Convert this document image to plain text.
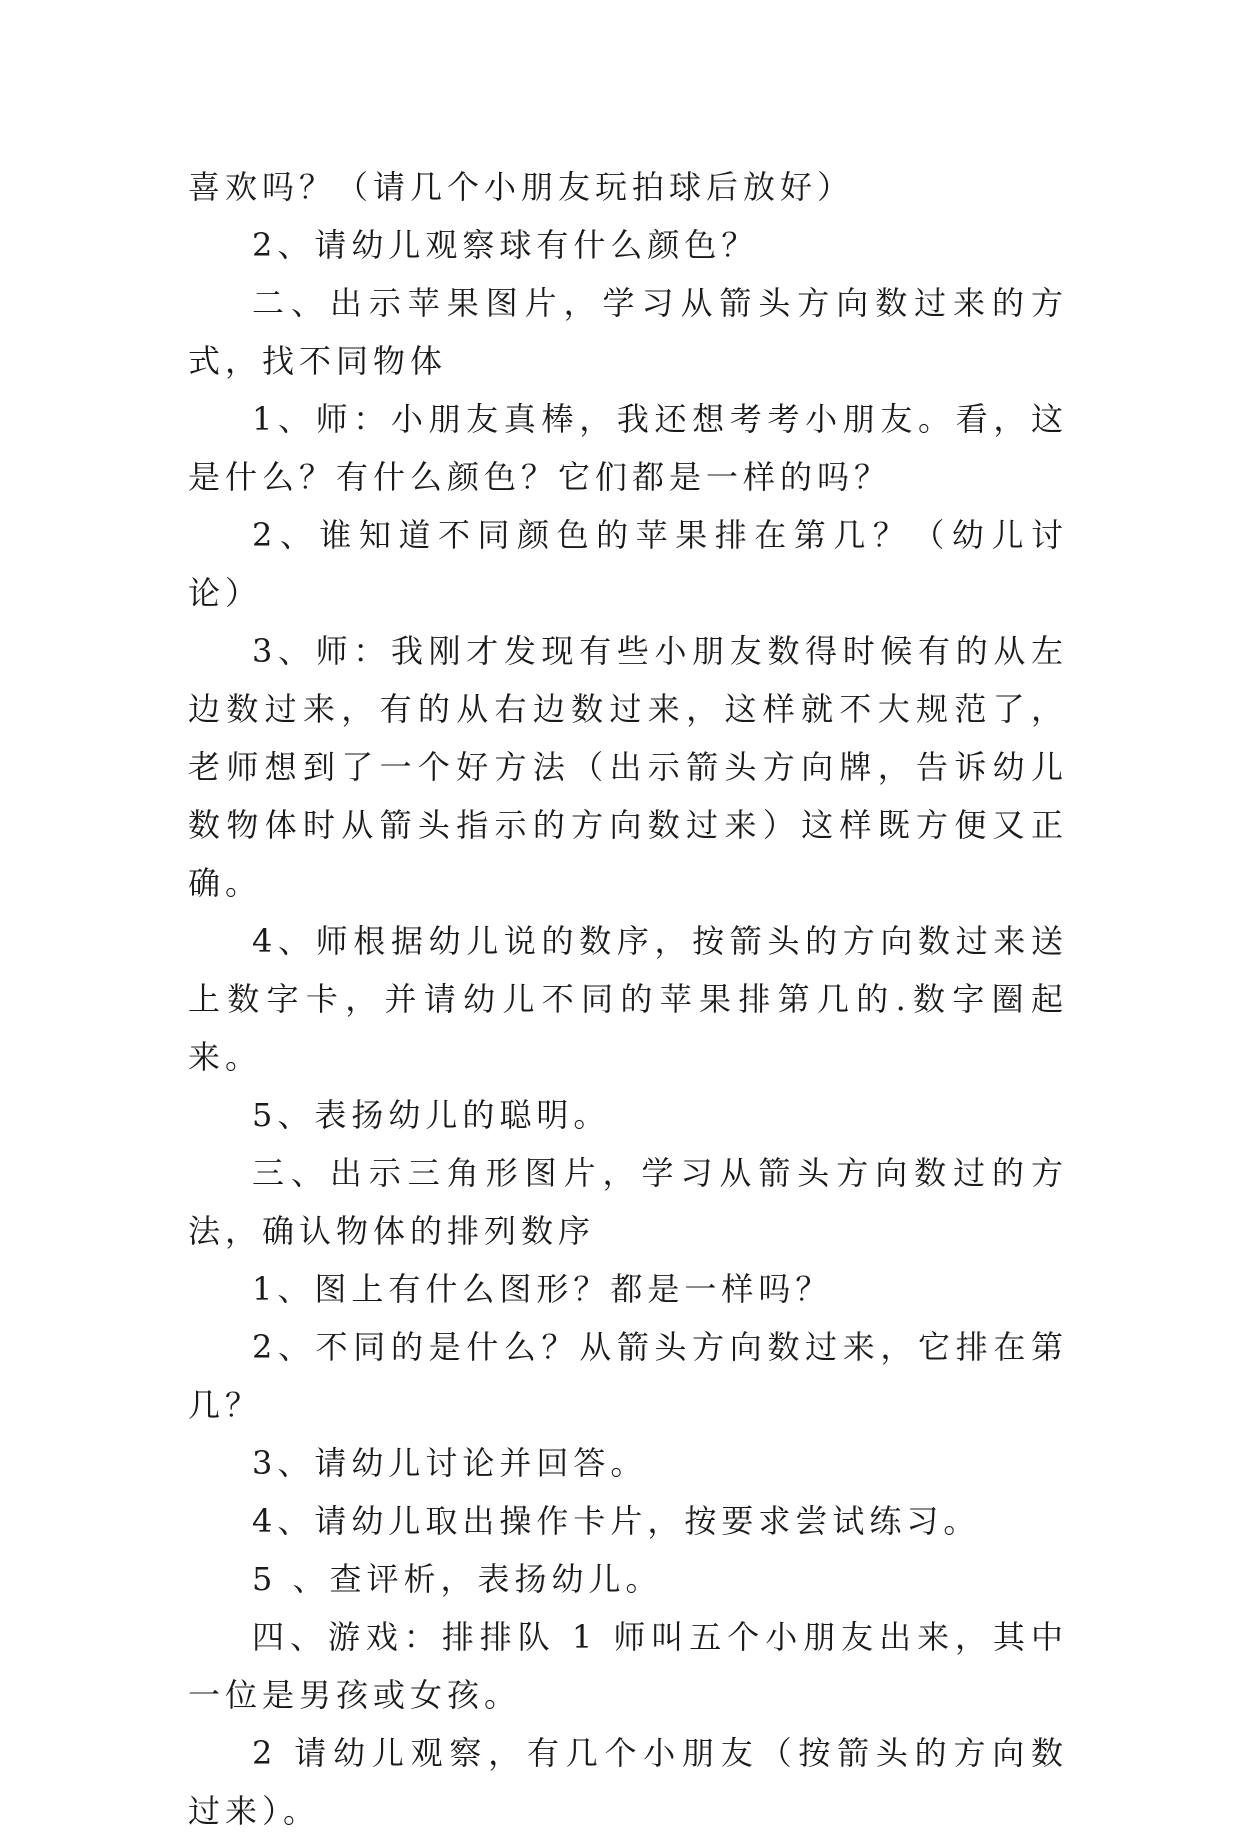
喜欢吗？（请几个小朋友玩拍球后放好）

2、请幼儿观察球有什么颜色？

二、出示苹果图片，学习从箭头方向数过来的方式，找不同物体

1、师：小朋友真棒，我还想考考小朋友。看，这是什么？有什么颜色？它们都是一样的吗？

2、谁知道不同颜色的苹果排在第几？（幼儿讨论）

3、师：我刚才发现有些小朋友数得时候有的从左边数过来，有的从右边数过来，这样就不大规范了，老师想到了一个好方法（出示箭头方向牌，告诉幼儿数物体时从箭头指示的方向数过来）这样既方便又正确。

4、师根据幼儿说的数序，按箭头的方向数过来送上数字卡，并请幼儿不同的苹果排第几的.数字圈起来。

5、表扬幼儿的聪明。

三、出示三角形图片，学习从箭头方向数过的方法，确认物体的排列数序

1、图上有什么图形？都是一样吗？

2、不同的是什么？从箭头方向数过来，它排在第几？

3、请幼儿讨论并回答。

4、请幼儿取出操作卡片，按要求尝试练习。

5 、查评析，表扬幼儿。

四、游戏：排排队 1 师叫五个小朋友出来，其中一位是男孩或女孩。

2 请幼儿观察，有几个小朋友（按箭头的方向数过来）。
